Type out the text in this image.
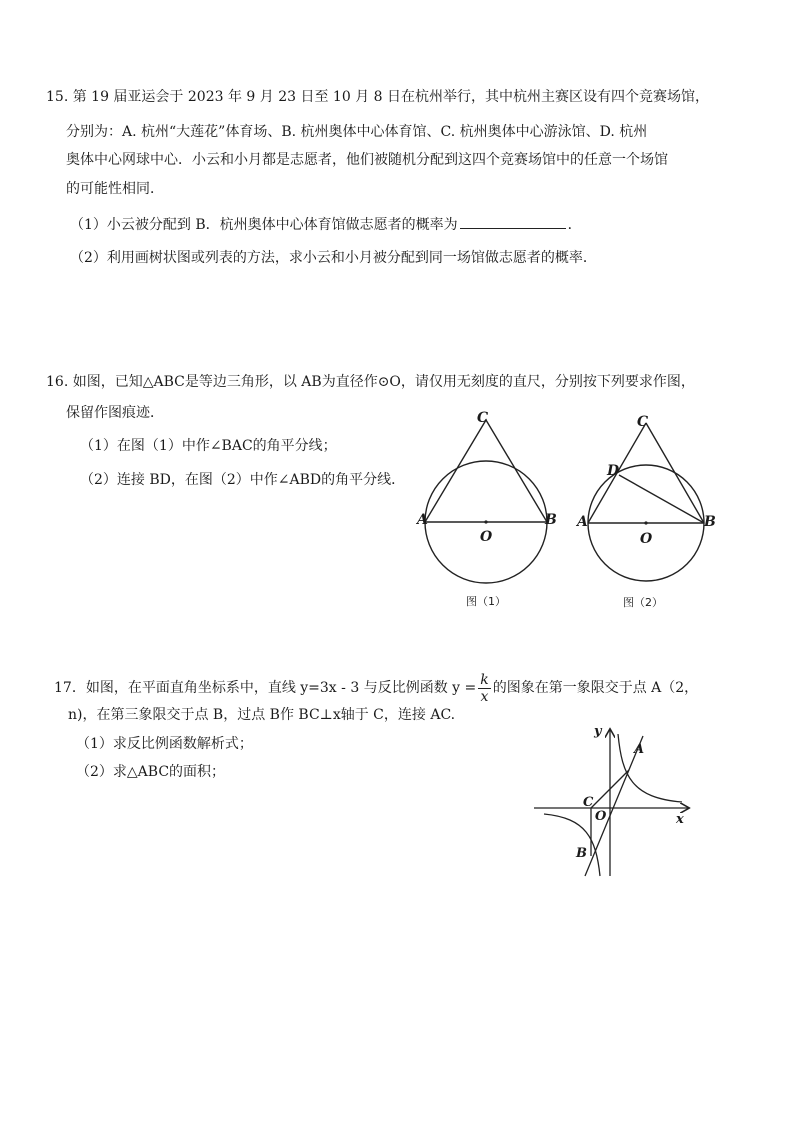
15. 第 19 届亚运会于 2023 年 9 月 23 日至 10 月 8 日在杭州举行，其中杭州主赛区设有四个竞赛场馆，
分别为：A. 杭州“大莲花”体育场、B. 杭州奥体中心体育馆、C. 杭州奥体中心游泳馆、D. 杭州
奥体中心网球中心．小云和小月都是志愿者，他们被随机分配到这四个竞赛场馆中的任意一个场馆
的可能性相同．
（1）小云被分配到 B．杭州奥体中心体育馆做志愿者的概率为	．
（2）利用画树状图或列表的方法，求小云和小月被分配到同一场馆做志愿者的概率．
16. 如图，已知△ABC是等边三角形，以 AB为直径作⊙O，请仅用无刻度的直尺，分别按下列要求作图，
保留作图痕迹．
（1）在图（1）中作∠BAC的角平分线；
（2）连接 BD，在图（2）中作∠ABD的角平分线．
C
A	B
O
图（1）
C
D
A	B
O
图（2）
17．如图，在平面直角坐标系中，直线 y=3x - 3 与反比例函数 $y = \frac{k}{x}$ 的图象在第一象限交于点 A（2，
n)，在第三象限交于点 B，过点 B作 BC⊥x轴于 C，连接 AC.
（1）求反比例函数解析式；
（2）求△ABC的面积；
y
x
A
B
C
O
